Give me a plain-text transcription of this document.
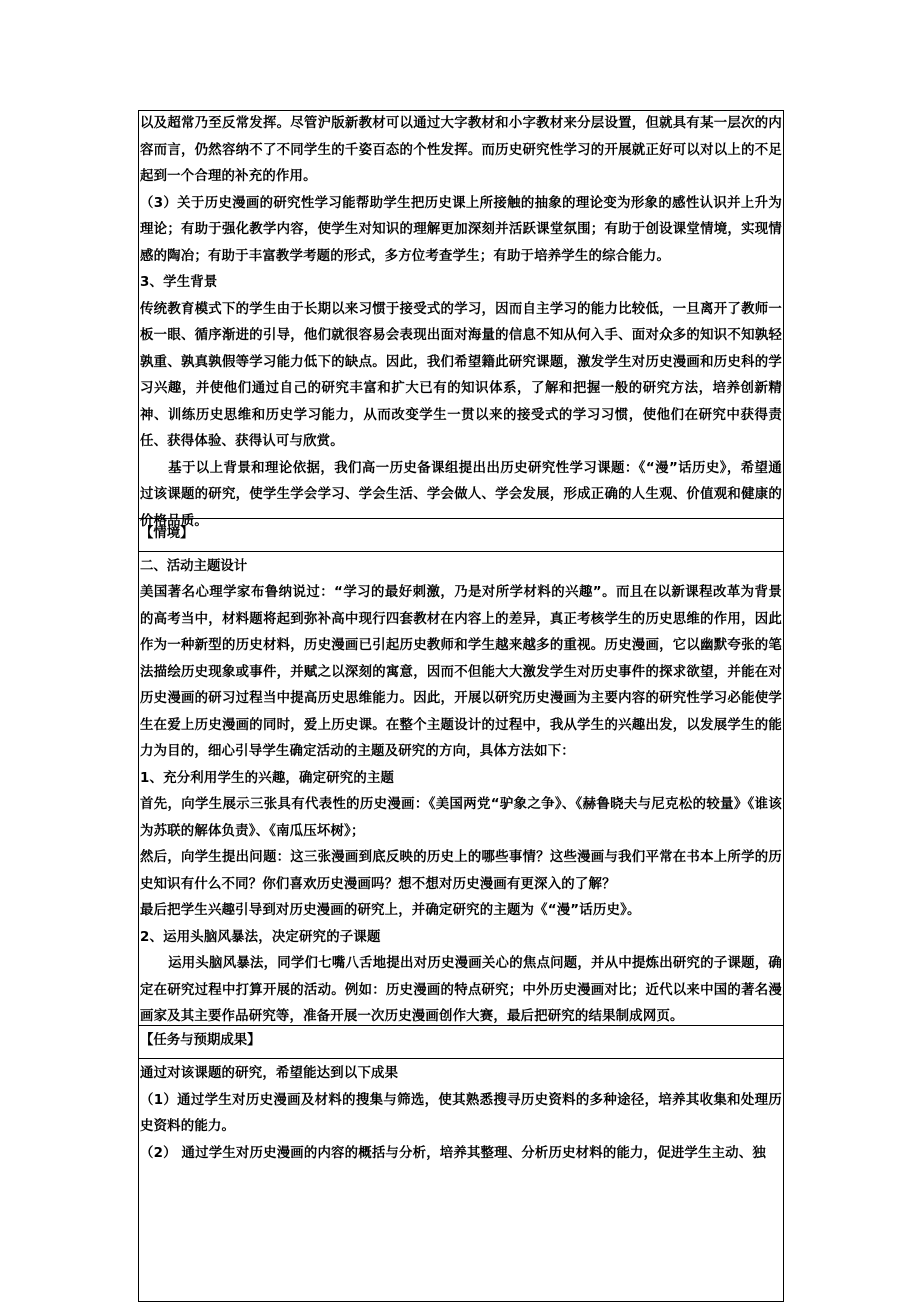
以及超常乃至反常发挥。尽管沪版新教材可以通过大字教材和小字教材来分层设置，但就具有某一层次的内容而言，仍然容纳不了不同学生的千姿百态的个性发挥。而历史研究性学习的开展就正好可以对以上的不足起到一个合理的补充的作用。

（3）关于历史漫画的研究性学习能帮助学生把历史课上所接触的抽象的理论变为形象的感性认识并上升为理论；有助于强化教学内容，使学生对知识的理解更加深刻并活跃课堂氛围；有助于创设课堂情境，实现情感的陶冶；有助于丰富教学考题的形式，多方位考查学生；有助于培养学生的综合能力。

3、学生背景

传统教育模式下的学生由于长期以来习惯于接受式的学习，因而自主学习的能力比较低，一旦离开了教师一板一眼、循序渐进的引导，他们就很容易会表现出面对海量的信息不知从何入手、面对众多的知识不知孰轻孰重、孰真孰假等学习能力低下的缺点。因此，我们希望籍此研究课题，激发学生对历史漫画和历史科的学习兴趣，并使他们通过自己的研究丰富和扩大已有的知识体系，了解和把握一般的研究方法，培养创新精神、训练历史思维和历史学习能力，从而改变学生一贯以来的接受式的学习习惯，使他们在研究中获得责任、获得体验、获得认可与欣赏。

基于以上背景和理论依据，我们高一历史备课组提出出历史研究性学习课题：《“漫”话历史》，希望通过该课题的研究，使学生学会学习、学会生活、学会做人、学会发展，形成正确的人生观、价值观和健康的价格品质。

【情境】

二、活动主题设计

美国著名心理学家布鲁纳说过：“学习的最好刺激，乃是对所学材料的兴趣”。而且在以新课程改革为背景的高考当中，材料题将起到弥补高中现行四套教材在内容上的差异，真正考核学生的历史思维的作用，因此作为一种新型的历史材料，历史漫画已引起历史教师和学生越来越多的重视。历史漫画，它以幽默夸张的笔法描绘历史现象或事件，并赋之以深刻的寓意，因而不但能大大激发学生对历史事件的探求欲望，并能在对历史漫画的研习过程当中提高历史思维能力。因此，开展以研究历史漫画为主要内容的研究性学习必能使学生在爱上历史漫画的同时，爱上历史课。在整个主题设计的过程中，我从学生的兴趣出发，以发展学生的能力为目的，细心引导学生确定活动的主题及研究的方向，具体方法如下：

1、充分利用学生的兴趣，确定研究的主题

首先，向学生展示三张具有代表性的历史漫画：《美国两党“驴象之争》、《赫鲁晓夫与尼克松的较量》《谁该为苏联的解体负责》、《南瓜压坏树》；

然后，向学生提出问题：这三张漫画到底反映的历史上的哪些事情？这些漫画与我们平常在书本上所学的历史知识有什么不同？你们喜欢历史漫画吗？想不想对历史漫画有更深入的了解？

最后把学生兴趣引导到对历史漫画的研究上，并确定研究的主题为《“漫”话历史》。

2、运用头脑风暴法，决定研究的子课题

运用头脑风暴法，同学们七嘴八舌地提出对历史漫画关心的焦点问题，并从中提炼出研究的子课题，确定在研究过程中打算开展的活动。例如：历史漫画的特点研究；中外历史漫画对比；近代以来中国的著名漫画家及其主要作品研究等，准备开展一次历史漫画创作大赛，最后把研究的结果制成网页。

【任务与预期成果】

通过对该课题的研究，希望能达到以下成果

（1）通过学生对历史漫画及材料的搜集与筛选，使其熟悉搜寻历史资料的多种途径，培养其收集和处理历史资料的能力。

（2） 通过学生对历史漫画的内容的概括与分析，培养其整理、分析历史材料的能力，促进学生主动、独
